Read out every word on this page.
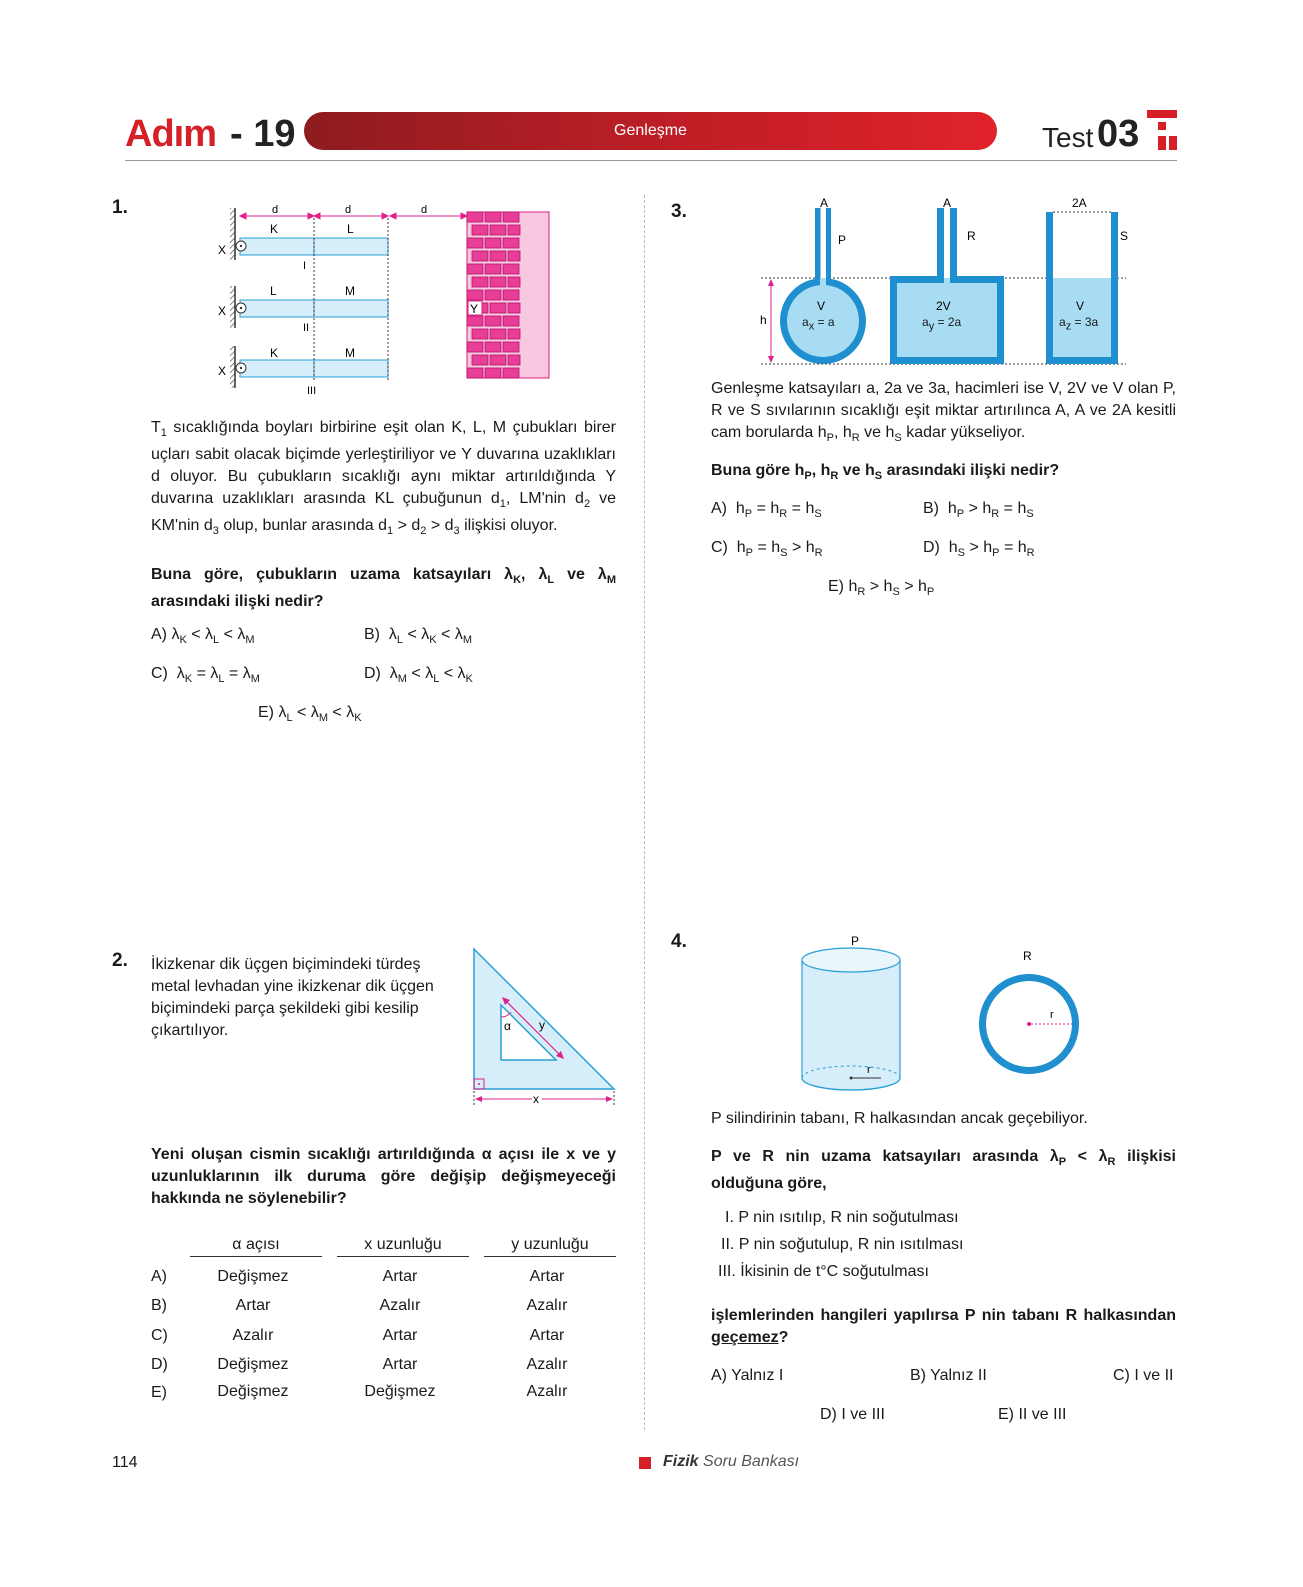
Adım - 19	Genleşme	Test 03
1.	d	d	d
K	L
L	M
K	M
X
X
X
I
II
III
Y
$T_1$ sıcaklığında boyları birbirine eşit olan K, L, M çubukları birer uçları sabit olacak biçimde yerleştiriliyor ve Y duvarına uzaklıkları d oluyor. Bu çubukların sıcaklığı aynı miktar artırıldığında Y duvarına uzaklıkları arasında KL çubuğunun $d_1$, LM'nin $d_2$ ve KM'nin $d_3$ olup, bunlar arasında $d_1 > d_2 > d_3$ ilişkisi oluyor.
Buna göre, çubukların uzama katsayıları $\lambda_K$, $\lambda_L$ ve $\lambda_M$ arasındaki ilişki nedir?
A) $\lambda_K < \lambda_L < \lambda_M$	B)  $\lambda_L < \lambda_K < \lambda_M$
C)  $\lambda_K = \lambda_L = \lambda_M$	D)  $\lambda_M < \lambda_L < \lambda_K$
E) $\lambda_L < \lambda_M < \lambda_K$
2. İkizkenar dik üçgen biçimindeki türdeş metal levhadan yine ikizkenar dik üçgen biçimindeki parça şekildeki gibi kesilip çıkartılıyor.	α y
x
Yeni oluşan cismin sıcaklığı artırıldığında α açısı ile x ve y uzunluklarının ilk duruma göre değişip değişmeyeceği hakkında ne söylenebilir?
α açısı	x uzunluğu	y uzunluğu
A)	Değişmez	Artar	Artar
B)	Artar	Azalır	Azalır
C)	Azalır	Artar	Artar
D)	Değişmez	Artar	Azalır
E)	Değişmez	Değişmez	Azalır
3.
h
A
P
V
A
R
2V
2A
S
V
$a_x = a$	$a_y = 2a$	$a_z = 3a$
Genleşme katsayıları a, 2a ve 3a, hacimleri ise V, 2V ve V olan P, R ve S sıvılarının sıcaklığı eşit miktar artırılınca A, A ve 2A kesitli cam borularda $h_P$, $h_R$ ve $h_S$ kadar yükseliyor.
Buna göre $h_P$, $h_R$ ve $h_S$ arasındaki ilişki nedir?
A)  $h_P = h_R = h_S$	B)  $h_P > h_R = h_S$
C)  $h_P = h_S > h_R$	D)  $h_S > h_P = h_R$
E) $h_R > h_S > h_P$
4.	P
r
R
r
P silindirinin tabanı, R halkasından ancak geçebiliyor.
P ve R nin uzama katsayıları arasında $\lambda_P < \lambda_R$ ilişkisi olduğuna göre,
I. P nin ısıtılıp, R nin soğutulması
II. P nin soğutulup, R nin ısıtılması
III. İkisinin de t°C soğutulması
işlemlerinden hangileri yapılırsa P nin tabanı R halkasından geçemez?
A) Yalnız I	B) Yalnız II	C) I ve II
D) I ve III	E) II ve III
114	Fizik Soru Bankası
